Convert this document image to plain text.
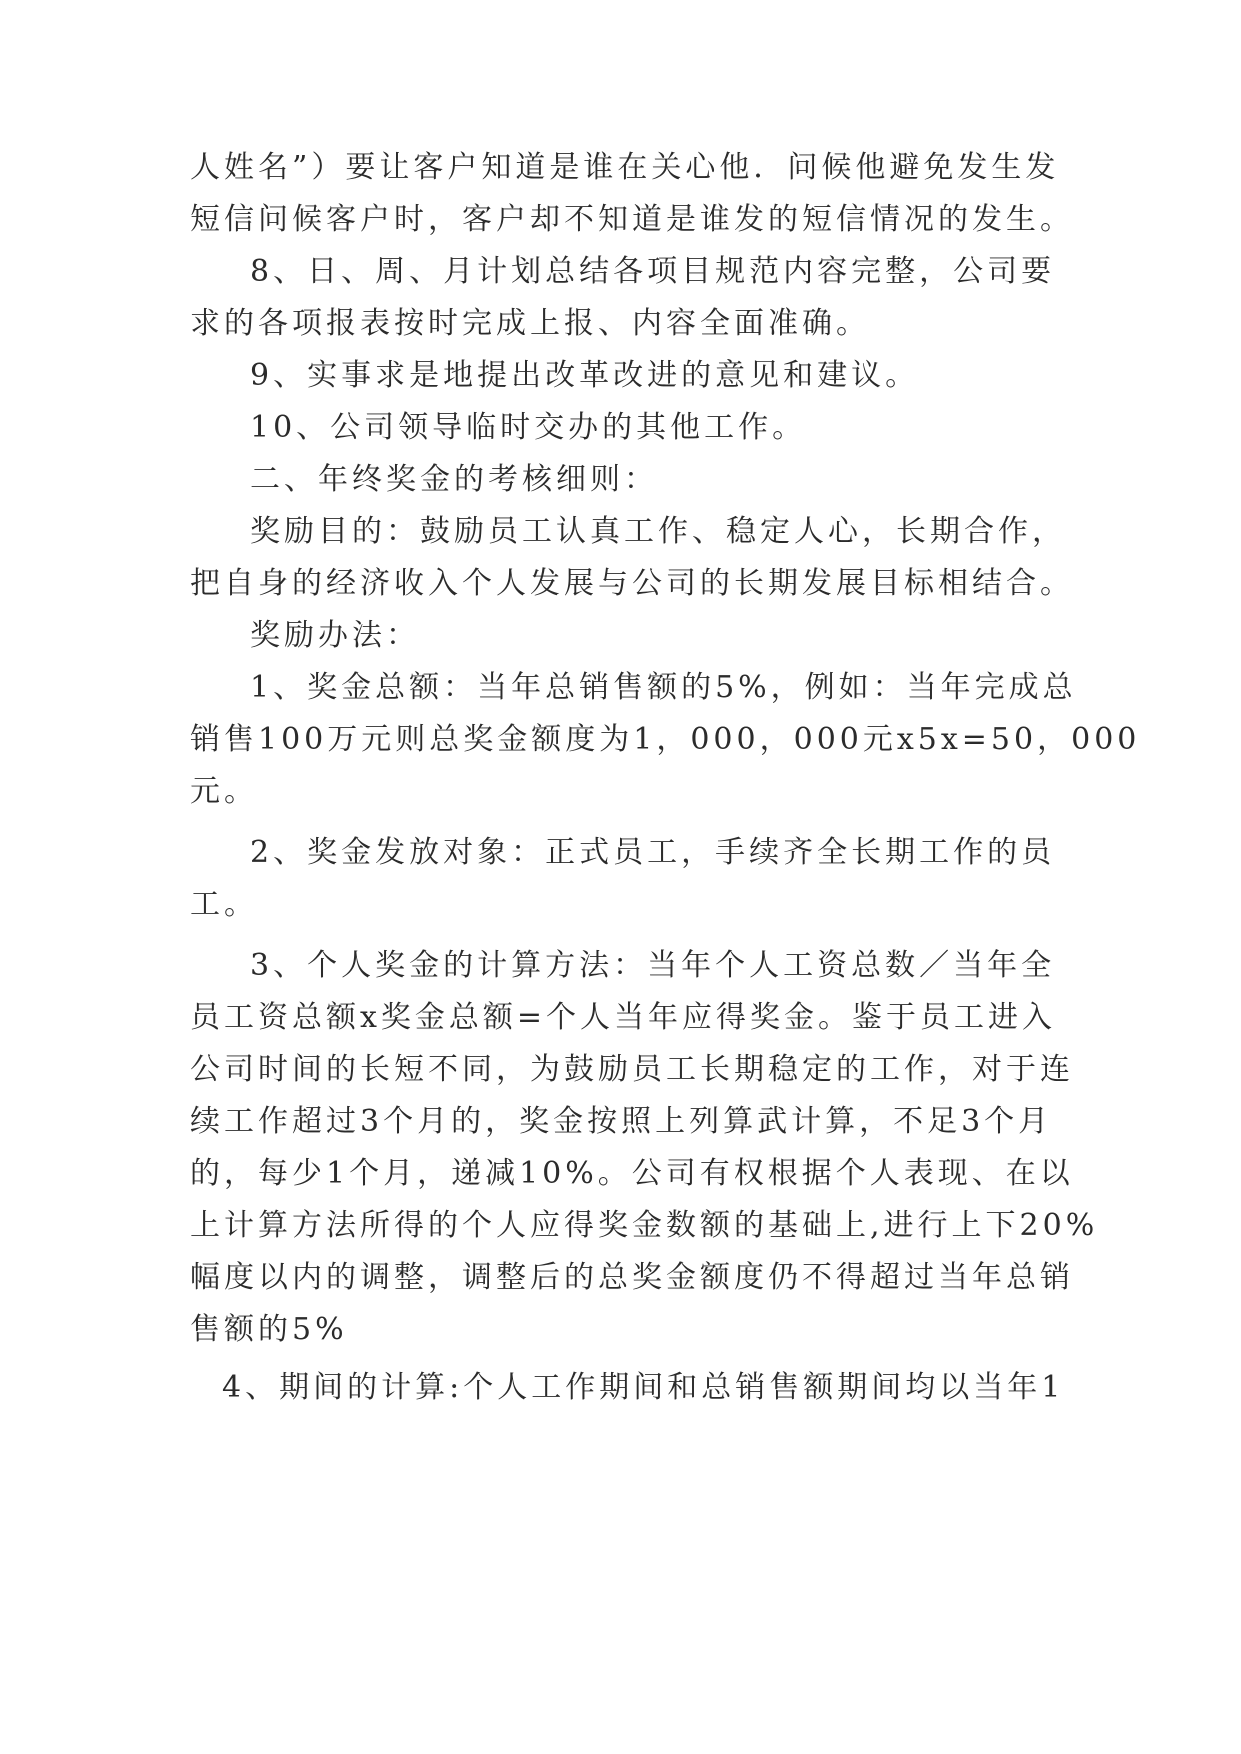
人姓名”）要让客户知道是谁在关心他．问候他避免发生发

短信问候客户时，客户却不知道是谁发的短信情况的发生。

8、日、周、月计划总结各项目规范内容完整，公司要

求的各项报表按时完成上报、内容全面准确。

9、实事求是地提出改革改进的意见和建议。

10、公司领导临时交办的其他工作。

二、年终奖金的考核细则：

奖励目的：鼓励员工认真工作、稳定人心，长期合作，

把自身的经济收入个人发展与公司的长期发展目标相结合。

奖励办法：

1、奖金总额：当年总销售额的5%，例如：当年完成总

销售100万元则总奖金额度为1，000，000元x5x=50，000

元。

2、奖金发放对象：正式员工，手续齐全长期工作的员

工。

3、个人奖金的计算方法：当年个人工资总数／当年全

员工资总额x奖金总额=个人当年应得奖金。鉴于员工进入

公司时间的长短不同，为鼓励员工长期稳定的工作，对于连

续工作超过3个月的，奖金按照上列算武计算，不足3个月

的，每少1个月，递减10%。公司有权根据个人表现、在以

上计算方法所得的个人应得奖金数额的基础上,进行上下20%

幅度以内的调整，调整后的总奖金额度仍不得超过当年总销

售额的5%

4、期间的计算:个人工作期间和总销售额期间均以当年1
